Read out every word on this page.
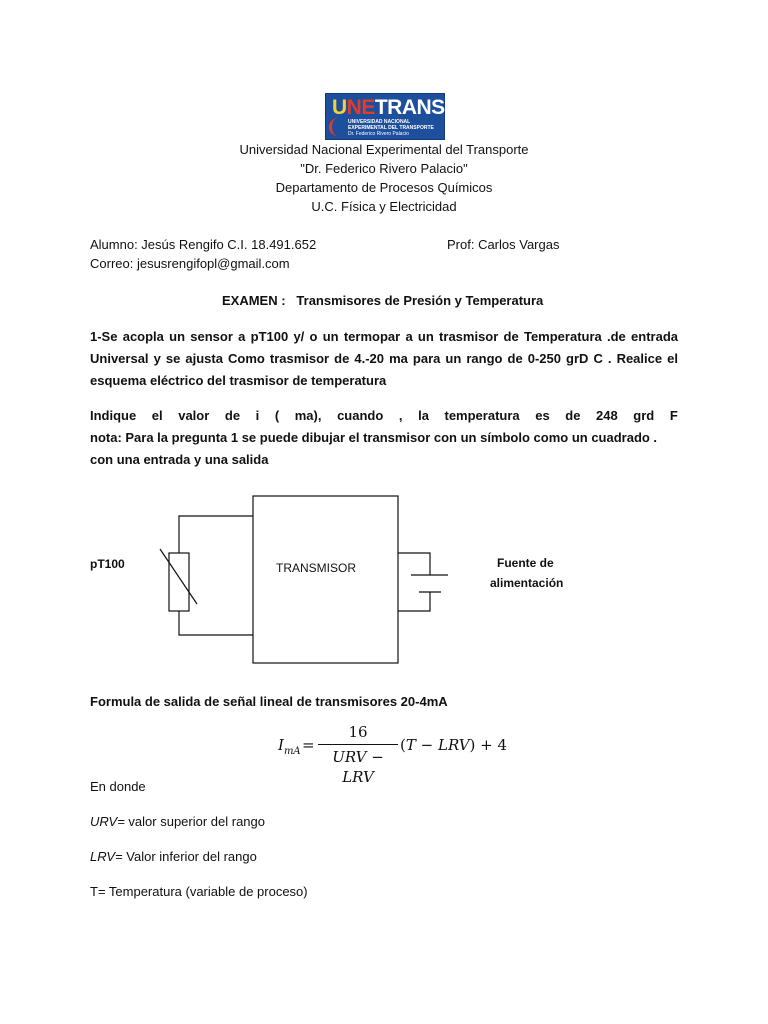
UNETRANS
UNIVERSIDAD NACIONAL
EXPERIMENTAL DEL TRANSPORTE
Dr. Federico Rivero Palacio
Universidad Nacional Experimental del Transporte
"Dr. Federico Rivero Palacio"
Departamento de Procesos Químicos
U.C. Física y Electricidad
Alumno: Jesús Rengifo C.I. 18.491.652	Prof: Carlos Vargas
Correo: jesusrengifopl@gmail.com
EXAMEN : Transmisores de Presión y Temperatura
1-Se acopla un sensor a pT100 y/ o un termopar a un trasmisor de Temperatura .de entrada Universal y se ajusta Como trasmisor de 4.-20 ma para un rango de 0-250 grD C . Realice el esquema eléctrico del trasmisor de temperatura
Indique el valor de i ( ma), cuando , la temperatura es de 248 grd F
nota: Para la pregunta 1 se puede dibujar el transmisor con un símbolo como un cuadrado .
con una entrada y una salida
pT100	TRANSMISOR	Fuente de
alimentación
Formula de salida de señal lineal de transmisores 20-4mA
$I_{mA}$ =
16
URV − LRV
(T − LRV) + 4
En donde
URV= valor superior del rango
LRV= Valor inferior del rango
T= Temperatura (variable de proceso)
